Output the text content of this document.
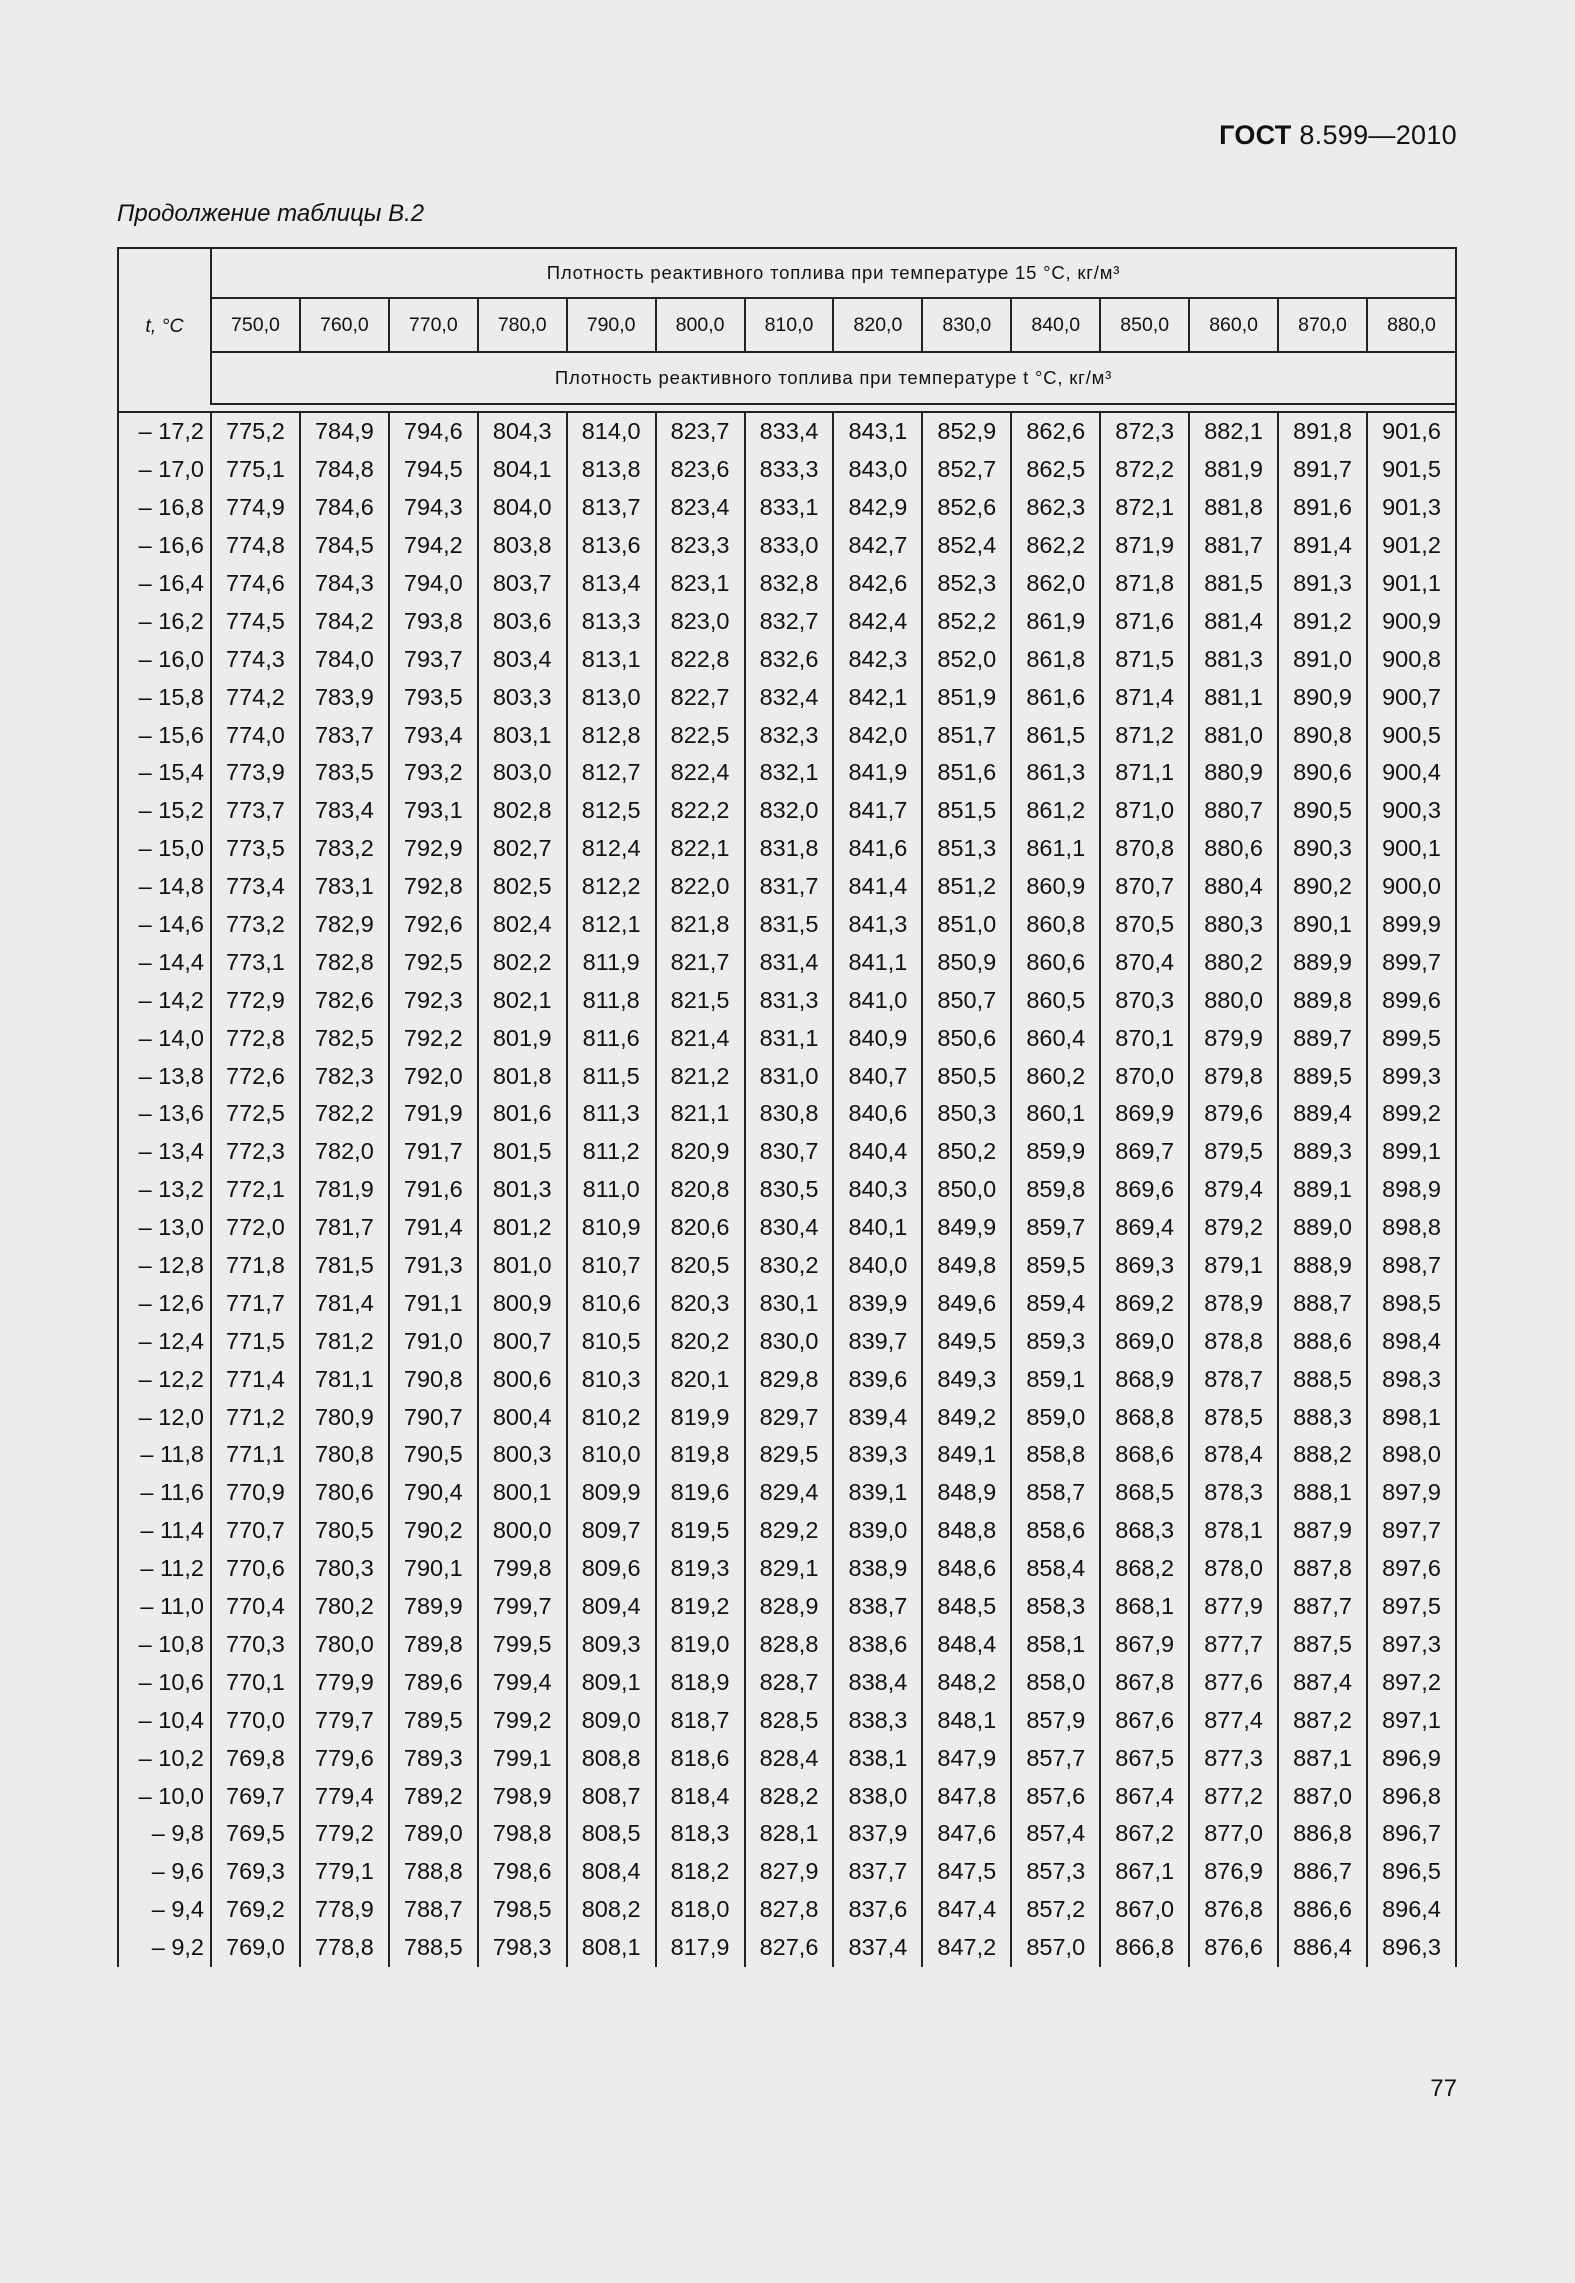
ГОСТ 8.599—2010
Продолжение таблицы В.2
t, °C	Плотность реактивного топлива при температуре 15 °С, кг/м³													
	750,0	760,0	770,0	780,0	790,0	800,0	810,0	820,0	830,0	840,0	850,0	860,0	870,0	880,0
	Плотность реактивного топлива при температуре t °С, кг/м³													

– 17,2	775,2	784,9	794,6	804,3	814,0	823,7	833,4	843,1	852,9	862,6	872,3	882,1	891,8	901,6
– 17,0	775,1	784,8	794,5	804,1	813,8	823,6	833,3	843,0	852,7	862,5	872,2	881,9	891,7	901,5
– 16,8	774,9	784,6	794,3	804,0	813,7	823,4	833,1	842,9	852,6	862,3	872,1	881,8	891,6	901,3
– 16,6	774,8	784,5	794,2	803,8	813,6	823,3	833,0	842,7	852,4	862,2	871,9	881,7	891,4	901,2
– 16,4	774,6	784,3	794,0	803,7	813,4	823,1	832,8	842,6	852,3	862,0	871,8	881,5	891,3	901,1
– 16,2	774,5	784,2	793,8	803,6	813,3	823,0	832,7	842,4	852,2	861,9	871,6	881,4	891,2	900,9
– 16,0	774,3	784,0	793,7	803,4	813,1	822,8	832,6	842,3	852,0	861,8	871,5	881,3	891,0	900,8
– 15,8	774,2	783,9	793,5	803,3	813,0	822,7	832,4	842,1	851,9	861,6	871,4	881,1	890,9	900,7
– 15,6	774,0	783,7	793,4	803,1	812,8	822,5	832,3	842,0	851,7	861,5	871,2	881,0	890,8	900,5
– 15,4	773,9	783,5	793,2	803,0	812,7	822,4	832,1	841,9	851,6	861,3	871,1	880,9	890,6	900,4
– 15,2	773,7	783,4	793,1	802,8	812,5	822,2	832,0	841,7	851,5	861,2	871,0	880,7	890,5	900,3
– 15,0	773,5	783,2	792,9	802,7	812,4	822,1	831,8	841,6	851,3	861,1	870,8	880,6	890,3	900,1
– 14,8	773,4	783,1	792,8	802,5	812,2	822,0	831,7	841,4	851,2	860,9	870,7	880,4	890,2	900,0
– 14,6	773,2	782,9	792,6	802,4	812,1	821,8	831,5	841,3	851,0	860,8	870,5	880,3	890,1	899,9
– 14,4	773,1	782,8	792,5	802,2	811,9	821,7	831,4	841,1	850,9	860,6	870,4	880,2	889,9	899,7
– 14,2	772,9	782,6	792,3	802,1	811,8	821,5	831,3	841,0	850,7	860,5	870,3	880,0	889,8	899,6
– 14,0	772,8	782,5	792,2	801,9	811,6	821,4	831,1	840,9	850,6	860,4	870,1	879,9	889,7	899,5
– 13,8	772,6	782,3	792,0	801,8	811,5	821,2	831,0	840,7	850,5	860,2	870,0	879,8	889,5	899,3
– 13,6	772,5	782,2	791,9	801,6	811,3	821,1	830,8	840,6	850,3	860,1	869,9	879,6	889,4	899,2
– 13,4	772,3	782,0	791,7	801,5	811,2	820,9	830,7	840,4	850,2	859,9	869,7	879,5	889,3	899,1
– 13,2	772,1	781,9	791,6	801,3	811,0	820,8	830,5	840,3	850,0	859,8	869,6	879,4	889,1	898,9
– 13,0	772,0	781,7	791,4	801,2	810,9	820,6	830,4	840,1	849,9	859,7	869,4	879,2	889,0	898,8
– 12,8	771,8	781,5	791,3	801,0	810,7	820,5	830,2	840,0	849,8	859,5	869,3	879,1	888,9	898,7
– 12,6	771,7	781,4	791,1	800,9	810,6	820,3	830,1	839,9	849,6	859,4	869,2	878,9	888,7	898,5
– 12,4	771,5	781,2	791,0	800,7	810,5	820,2	830,0	839,7	849,5	859,3	869,0	878,8	888,6	898,4
– 12,2	771,4	781,1	790,8	800,6	810,3	820,1	829,8	839,6	849,3	859,1	868,9	878,7	888,5	898,3
– 12,0	771,2	780,9	790,7	800,4	810,2	819,9	829,7	839,4	849,2	859,0	868,8	878,5	888,3	898,1
– 11,8	771,1	780,8	790,5	800,3	810,0	819,8	829,5	839,3	849,1	858,8	868,6	878,4	888,2	898,0
– 11,6	770,9	780,6	790,4	800,1	809,9	819,6	829,4	839,1	848,9	858,7	868,5	878,3	888,1	897,9
– 11,4	770,7	780,5	790,2	800,0	809,7	819,5	829,2	839,0	848,8	858,6	868,3	878,1	887,9	897,7
– 11,2	770,6	780,3	790,1	799,8	809,6	819,3	829,1	838,9	848,6	858,4	868,2	878,0	887,8	897,6
– 11,0	770,4	780,2	789,9	799,7	809,4	819,2	828,9	838,7	848,5	858,3	868,1	877,9	887,7	897,5
– 10,8	770,3	780,0	789,8	799,5	809,3	819,0	828,8	838,6	848,4	858,1	867,9	877,7	887,5	897,3
– 10,6	770,1	779,9	789,6	799,4	809,1	818,9	828,7	838,4	848,2	858,0	867,8	877,6	887,4	897,2
– 10,4	770,0	779,7	789,5	799,2	809,0	818,7	828,5	838,3	848,1	857,9	867,6	877,4	887,2	897,1
– 10,2	769,8	779,6	789,3	799,1	808,8	818,6	828,4	838,1	847,9	857,7	867,5	877,3	887,1	896,9
– 10,0	769,7	779,4	789,2	798,9	808,7	818,4	828,2	838,0	847,8	857,6	867,4	877,2	887,0	896,8
– 9,8	769,5	779,2	789,0	798,8	808,5	818,3	828,1	837,9	847,6	857,4	867,2	877,0	886,8	896,7
– 9,6	769,3	779,1	788,8	798,6	808,4	818,2	827,9	837,7	847,5	857,3	867,1	876,9	886,7	896,5
– 9,4	769,2	778,9	788,7	798,5	808,2	818,0	827,8	837,6	847,4	857,2	867,0	876,8	886,6	896,4
– 9,2	769,0	778,8	788,5	798,3	808,1	817,9	827,6	837,4	847,2	857,0	866,8	876,6	886,4	896,3
77
